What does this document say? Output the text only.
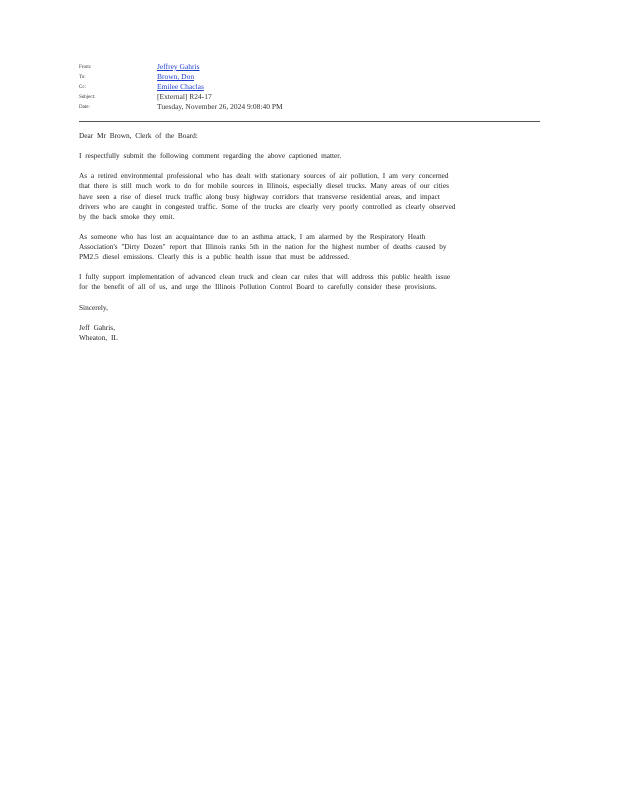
From:	Jeffrey Gahris
To:	Brown, Don
Cc:	Emilee Chaclas
Subject:	[External] R24-17
Date:	Tuesday, November 26, 2024 9:08:40 PM

Dear Mr Brown, Clerk of the Board:

I respectfully submit the following comment regarding the above captioned matter.

As a retired environmental professional who has dealt with stationary sources of air pollution, I am very concerned
that there is still much work to do for mobile sources in Illinois, especially diesel trucks. Many areas of our cities
have seen a rise of diesel truck traffic along busy highway corridors that transverse residential areas, and impact
drivers who are caught in congested traffic. Some of the trucks are clearly very poorly controlled as clearly observed
by the back smoke they emit.

As someone who has lost an acquaintance due to an asthma attack, I am alarmed by the Respiratory Heath
Association's "Dirty Dozen" report that Illinois ranks 5th in the nation for the highest number of deaths caused by
PM2.5 diesel emissions. Clearly this is a public health issue that must be addressed.

I fully support implementation of advanced clean truck and clean car rules that will address this public health issue
for the benefit of all of us, and urge the Illinois Pollution Control Board to carefully consider these provisions.

Sincerely,

Jeff Gahris,
Wheaton, IL
